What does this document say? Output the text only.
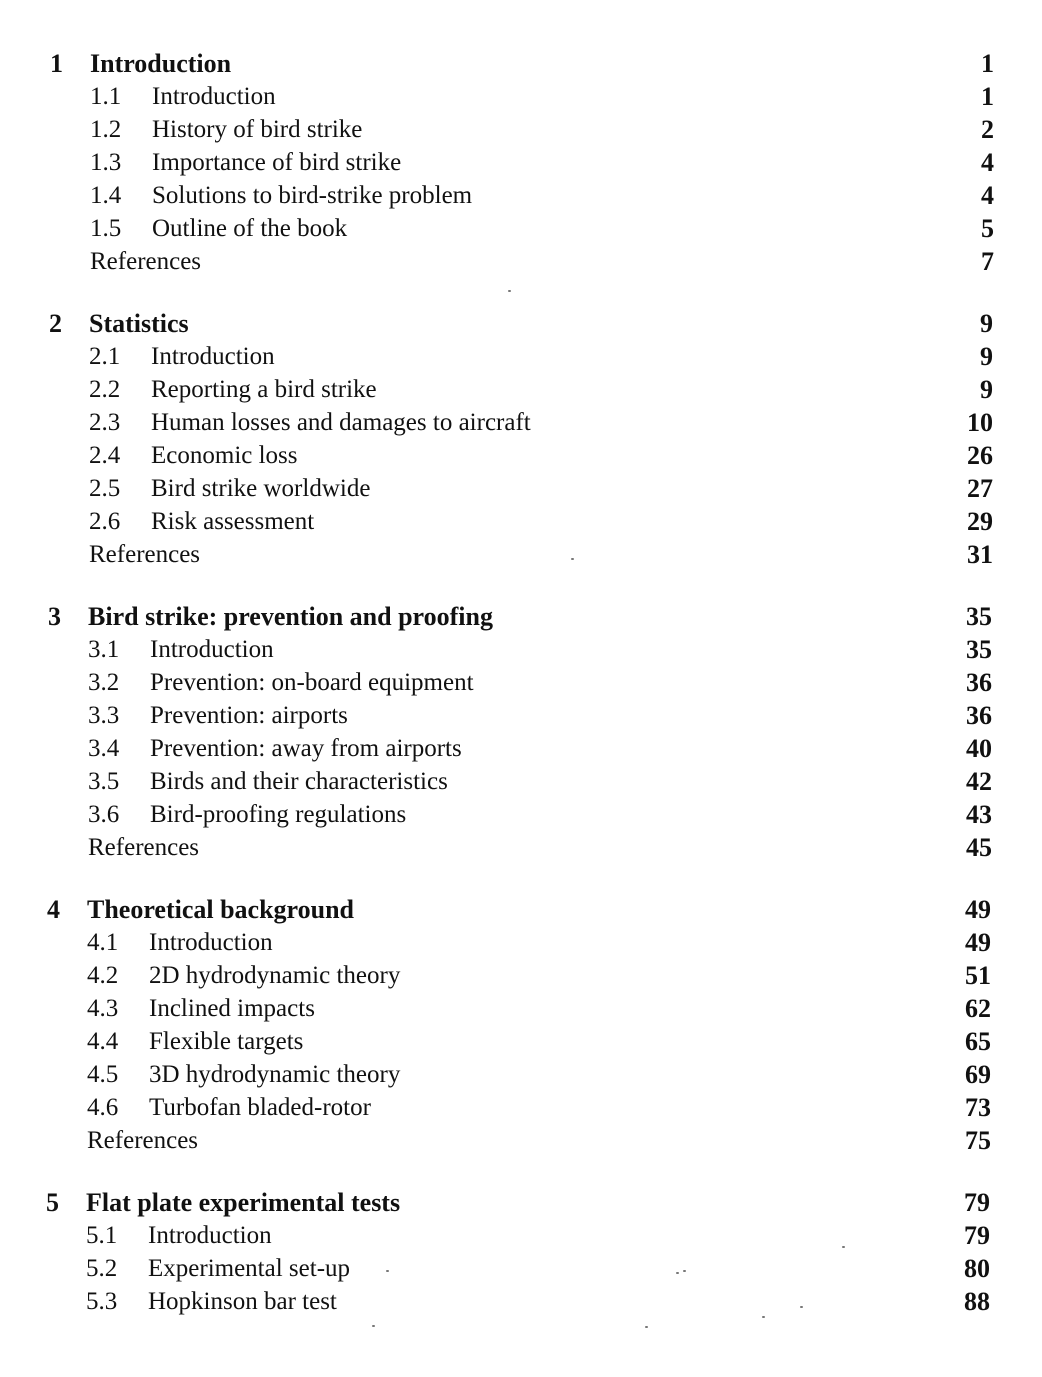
1 Introduction	1
1.1 Introduction	1
1.2 History of bird strike	2
1.3 Importance of bird strike	4
1.4 Solutions to bird-strike problem	4
1.5 Outline of the book	5
References	7
2 Statistics	9
2.1 Introduction	9
2.2 Reporting a bird strike	9
2.3 Human losses and damages to aircraft	10
2.4 Economic loss	26
2.5 Bird strike worldwide	27
2.6 Risk assessment	29
References	31
3 Bird strike: prevention and proofing	35
3.1 Introduction	35
3.2 Prevention: on-board equipment	36
3.3 Prevention: airports	36
3.4 Prevention: away from airports	40
3.5 Birds and their characteristics	42
3.6 Bird-proofing regulations	43
References	45
4 Theoretical background	49
4.1 Introduction	49
4.2 2D hydrodynamic theory	51
4.3 Inclined impacts	62
4.4 Flexible targets	65
4.5 3D hydrodynamic theory	69
4.6 Turbofan bladed-rotor	73
References	75
5 Flat plate experimental tests	79
5.1 Introduction	79
5.2 Experimental set-up	80
5.3 Hopkinson bar test	88
